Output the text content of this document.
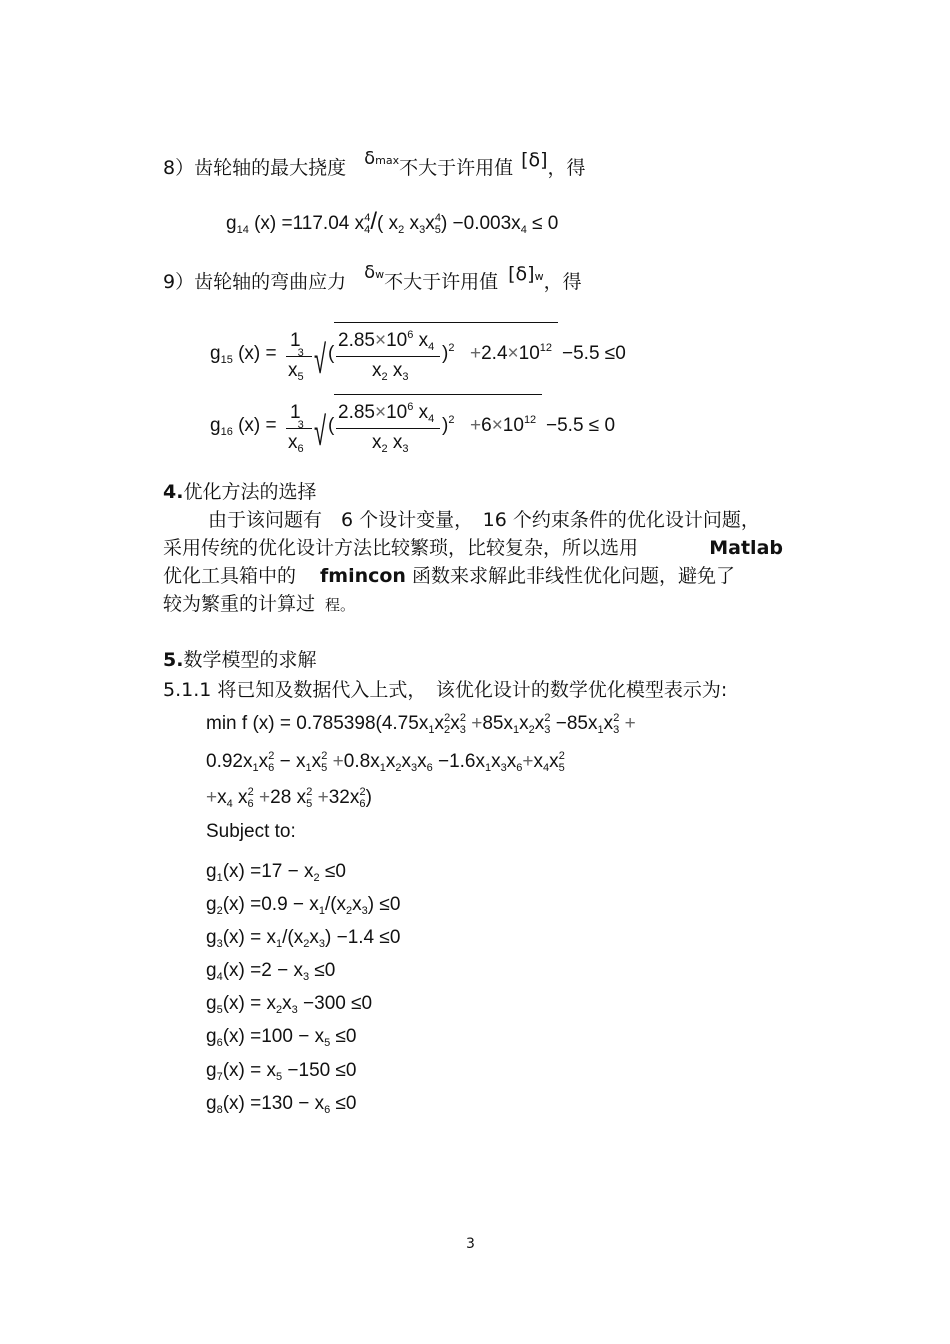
8）齿轮轴的最大挠度 δmax不大于许用值 [δ]，得
$g_{14}$ (x) =117.04 $x_4^4/$( $x_2$ $x_3x_5^4) -0.003x_4 \le 0$
9）齿轮轴的弯曲应力 δw不大于许用值 [δ]w，得
$g_{15}$ (x) =
1
$x_5^3$ √ (
$2.85\times 10^6$ $x_4$
$x_2$ $x_3$
)$^2 +2.4\times 10^{12} -5.5 \le 0$
$g_{16}$ (x) =
1
$x_6^3$ √ (
$2.85\times 10^6$ $x_4$
$x_2$ $x_3$
)$^2 +6\times 10^{12} -5.5 \le 0$
4.优化方法的选择
由于该问题有　6 个设计变量，　16 个约束条件的优化设计问题，
采用传统的优化设计方法比较繁琐，比较复杂，所以选用	Matlab
优化工具箱中的 fmincon 函数来求解此非线性优化问题，避免了
较为繁重的计算过 程。
5.数学模型的求解
5.1.1 将已知及数据代入上式，　该优化设计的数学优化模型表示为:
min f $(x) = 0.785398(4.75x_1x_2^2x_3^2 +85x_1x_2x_3^2 -85x_1x_3^2$ +
$0.92x_1x_6^2 - x_1x_5^2 +0.8x_1x_2x_3x_6 -1.6x_1x_3x_6+x_4x_5^2$
$+x_4$ $x_6^2 +28$ $x_5^2 +32x_6^2$)
Subject to:
$g_1(x) =17 - x_2 \le 0$
$g_2(x) =0.9 - x_1/(x_2x_3) \le 0$
$g_3(x) = x_1/(x_2x_3) -1.4 \le 0$
$g_4(x) =2 - x_3 \le 0$
$g_5(x) = x_2x_3 -300 \le 0$
$g_6(x) =100 - x_5 \le 0$
$g_7(x) = x_5 -150 \le 0$
$g_8(x) =130 - x_6 \le 0$
3
